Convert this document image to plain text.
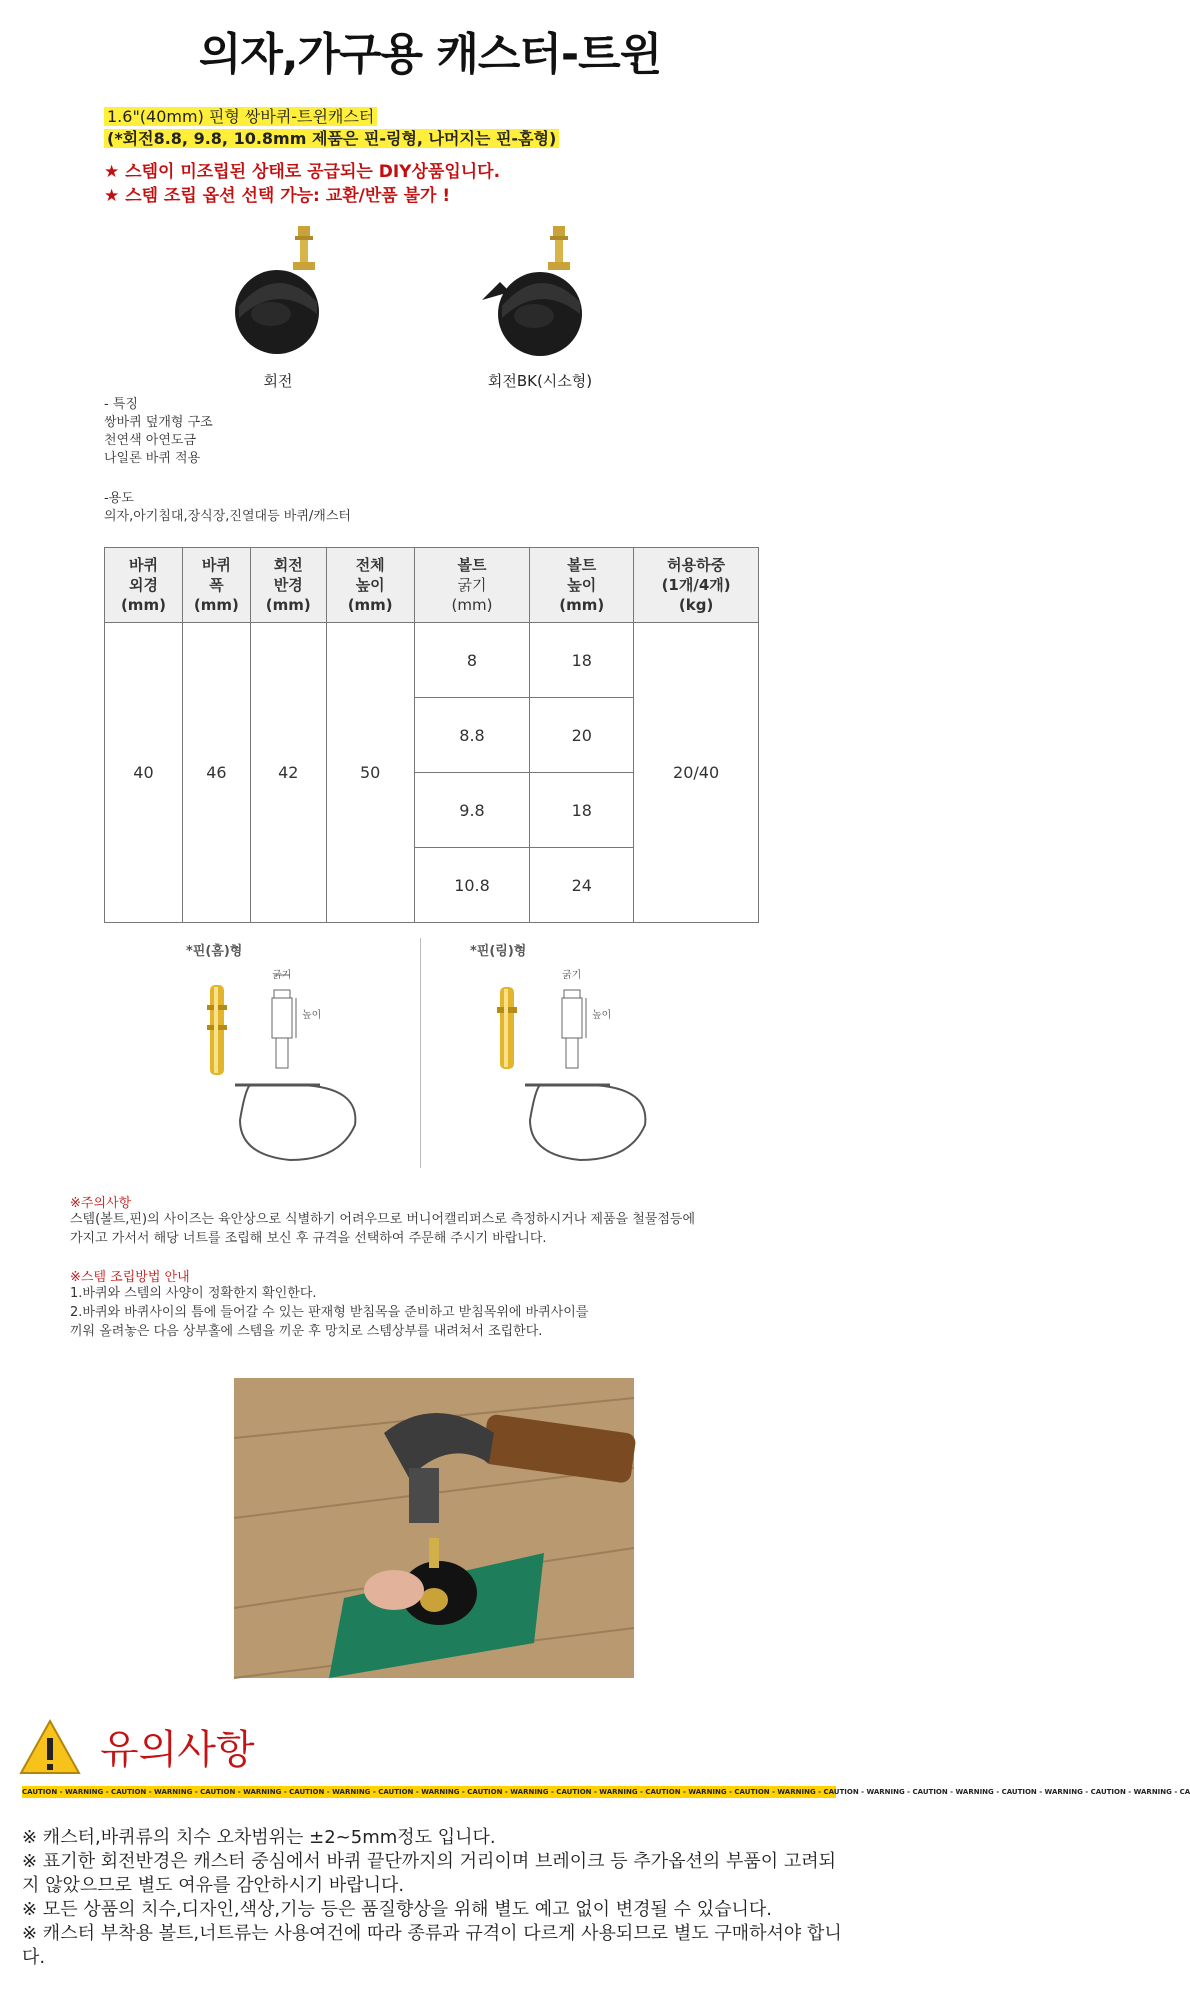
의자,가구용 캐스터-트윈
1.6"(40mm) 핀형 쌍바퀴-트윈캐스터
(*회전8.8, 9.8, 10.8mm 제품은 핀-링형, 나머지는 핀-홈형)
★ 스템이 미조립된 상태로 공급되는 DIY상품입니다.
★ 스템 조립 옵션 선택 가능: 교환/반품 불가 !
회전	회전BK(시소형)
- 특징
쌍바퀴 덮개형 구조
천연색 아연도금
나일론 바퀴 적용
-용도
의자,아기침대,장식장,진열대등 바퀴/캐스터
바퀴
외경
(mm)	바퀴
폭
(mm)	회전
반경
(mm)	전체
높이
(mm)	볼트
굵기
(mm)	볼트
높이
(mm)	허용하중
(1개/4개)
(kg)
40	46	42	50	8	18	20/40
				8.8	20	
				9.8	18	
				10.8	24	
*핀(홈)형	*핀(링)형
굵기
높이
굵기
높이
※주의사항
스템(볼트,핀)의 사이즈는 육안상으로 식별하기 어려우므로 버니어캘리퍼스로 측정하시거나 제품을 철물점등에
가지고 가서서 해당 너트를 조립해 보신 후 규격을 선택하여 주문해 주시기 바랍니다.
※스템 조립방법 안내
1.바퀴와 스템의 사양이 정확한지 확인한다.
2.바퀴와 바퀴사이의 틈에 들어갈 수 있는 판재형 받침목을 준비하고 받침목위에 바퀴사이를
끼워 올려놓은 다음 상부홀에 스템을 끼운 후 망치로 스템상부를 내려쳐서 조립한다.
유의사항
CAUTION - WARNING - CAUTION - WARNING - CAUTION - WARNING - CAUTION - WARNING - CAUTION - WARNING - CAUTION - WARNING - CAUTION - WARNING - CAUTION - WARNING - CAUTION - WARNING - CAUTION - WARNING - CAUTION - WARNING - CAUTION - WARNING - CAUTION - WARNING - CA

※ 캐스터,바퀴류의 치수 오차범위는 ±2~5mm정도 입니다.

※ 표기한 회전반경은 캐스터 중심에서 바퀴 끝단까지의 거리이며 브레이크 등 추가옵션의 부품이 고려되지 않았으므로 별도 여유를 감안하시기 바랍니다.

※ 모든 상품의 치수,디자인,색상,기능 등은 품질향상을 위해 별도 예고 없이 변경될 수 있습니다.

※ 캐스터 부착용 볼트,너트류는 사용여건에 따라 종류과 규격이 다르게 사용되므로 별도 구매하셔야 합니다.
